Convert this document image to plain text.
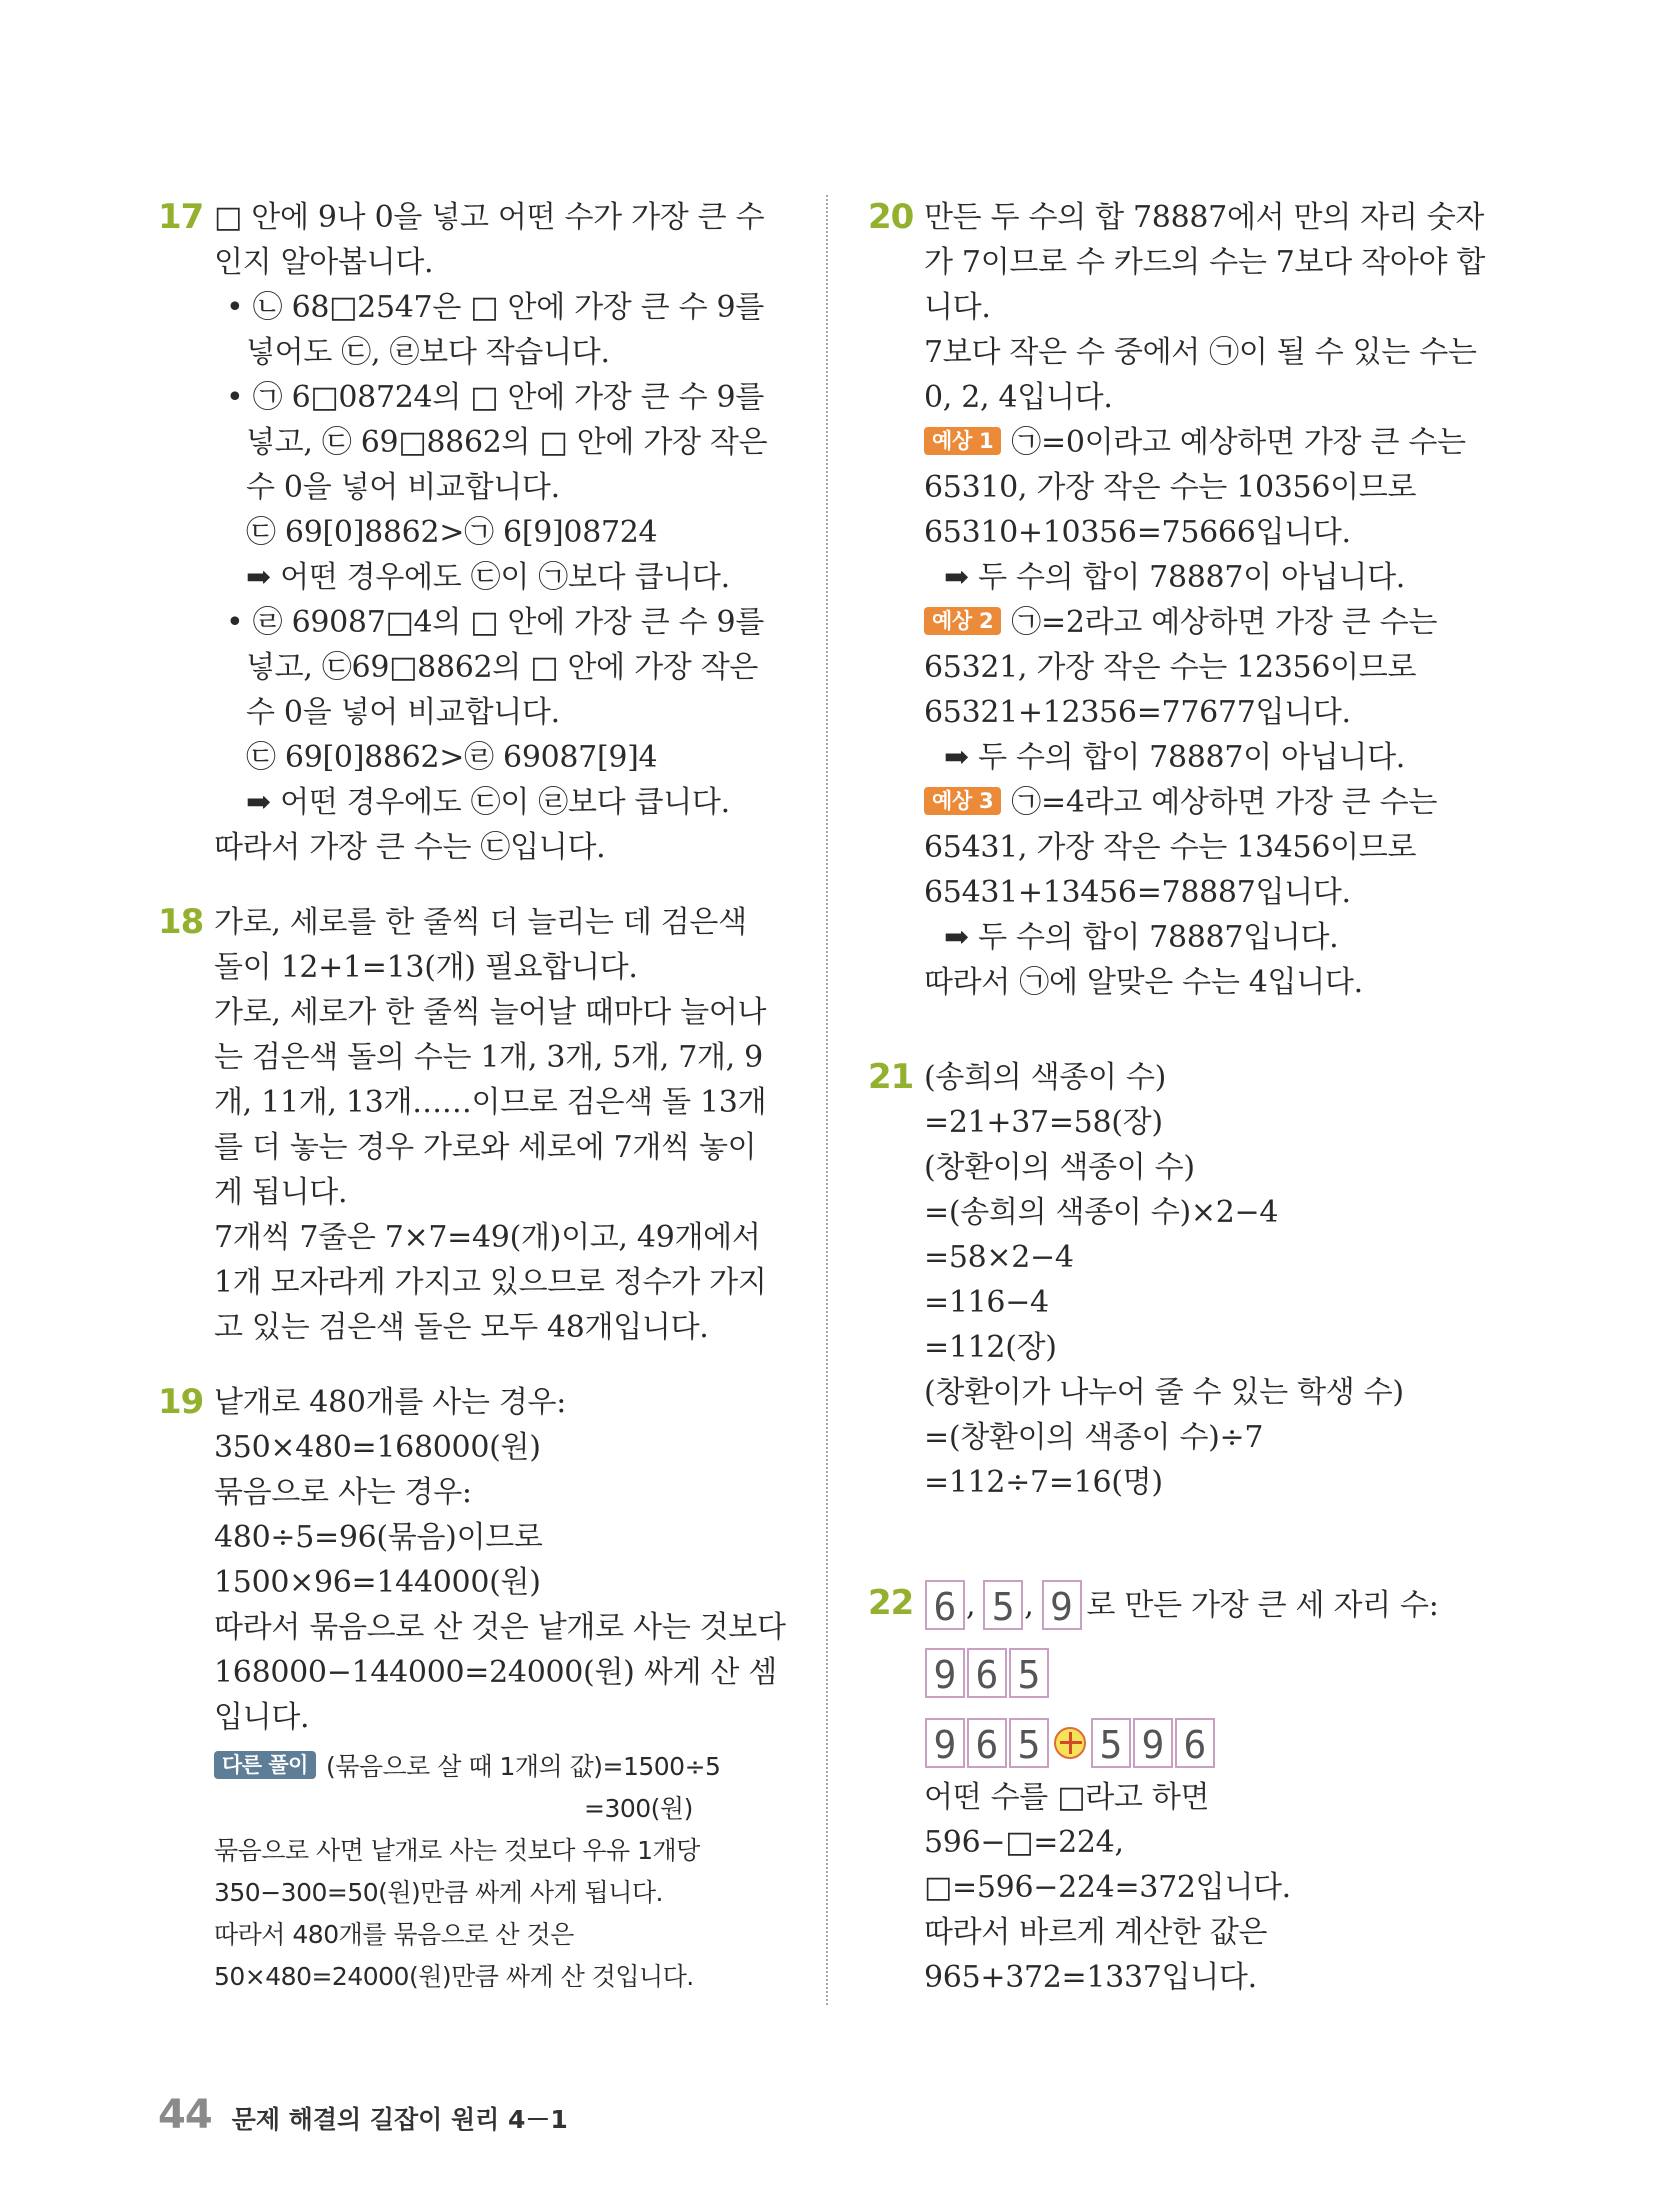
17 □ 안에 9나 0을 넣고 어떤 수가 가장 큰 수
인지 알아봅니다.
• ㉡ 68□2547은 □ 안에 가장 큰 수 9를
넣어도 ㉢, ㉣보다 작습니다.
• ㉠ 6□08724의 □ 안에 가장 큰 수 9를
넣고, ㉢ 69□8862의 □ 안에 가장 작은
수 0을 넣어 비교합니다.
㉢ 69[0]8862>㉠ 6[9]08724
➡ 어떤 경우에도 ㉢이 ㉠보다 큽니다.
• ㉣ 69087□4의 □ 안에 가장 큰 수 9를
넣고, ㉢69□8862의 □ 안에 가장 작은
수 0을 넣어 비교합니다.
㉢ 69[0]8862>㉣ 69087[9]4
➡ 어떤 경우에도 ㉢이 ㉣보다 큽니다.
따라서 가장 큰 수는 ㉢입니다.
18 가로, 세로를 한 줄씩 더 늘리는 데 검은색
돌이 12+1=13(개) 필요합니다.
가로, 세로가 한 줄씩 늘어날 때마다 늘어나
는 검은색 돌의 수는 1개, 3개, 5개, 7개, 9
개, 11개, 13개……이므로 검은색 돌 13개
를 더 놓는 경우 가로와 세로에 7개씩 놓이
게 됩니다.
7개씩 7줄은 7×7=49(개)이고, 49개에서
1개 모자라게 가지고 있으므로 정수가 가지
고 있는 검은색 돌은 모두 48개입니다.
19 낱개로 480개를 사는 경우:
350×480=168000(원)
묶음으로 사는 경우:
480÷5=96(묶음)이므로
1500×96=144000(원)
따라서 묶음으로 산 것은 낱개로 사는 것보다
168000−144000=24000(원) 싸게 산 셈
입니다.
다른 풀이 (묶음으로 살 때 1개의 값)=1500÷5
=300(원)
묶음으로 사면 낱개로 사는 것보다 우유 1개당
350−300=50(원)만큼 싸게 사게 됩니다.
따라서 480개를 묶음으로 산 것은
50×480=24000(원)만큼 싸게 산 것입니다.
20 만든 두 수의 합 78887에서 만의 자리 숫자
가 7이므로 수 카드의 수는 7보다 작아야 합
니다.
7보다 작은 수 중에서 ㉠이 될 수 있는 수는
0, 2, 4입니다.
예상 1 ㉠=0이라고 예상하면 가장 큰 수는
65310, 가장 작은 수는 10356이므로
65310+10356=75666입니다.
➡ 두 수의 합이 78887이 아닙니다.
예상 2 ㉠=2라고 예상하면 가장 큰 수는
65321, 가장 작은 수는 12356이므로
65321+12356=77677입니다.
➡ 두 수의 합이 78887이 아닙니다.
예상 3 ㉠=4라고 예상하면 가장 큰 수는
65431, 가장 작은 수는 13456이므로
65431+13456=78887입니다.
➡ 두 수의 합이 78887입니다.
따라서 ㉠에 알맞은 수는 4입니다.
21 (송희의 색종이 수)
=21+37=58(장)
(창환이의 색종이 수)
=(송희의 색종이 수)×2−4
=58×2−4
=116−4
=112(장)
(창환이가 나누어 줄 수 있는 학생 수)
=(창환이의 색종이 수)÷7
=112÷7=16(명)
22 6 , 5 , 9 로 만든 가장 큰 세 자리 수:
9 6 5
9 6 5 5 9 6
어떤 수를 □라고 하면
596−□=224,
□=596−224=372입니다.
따라서 바르게 계산한 값은
965+372=1337입니다.
44 문제 해결의 길잡이 원리 4－1
